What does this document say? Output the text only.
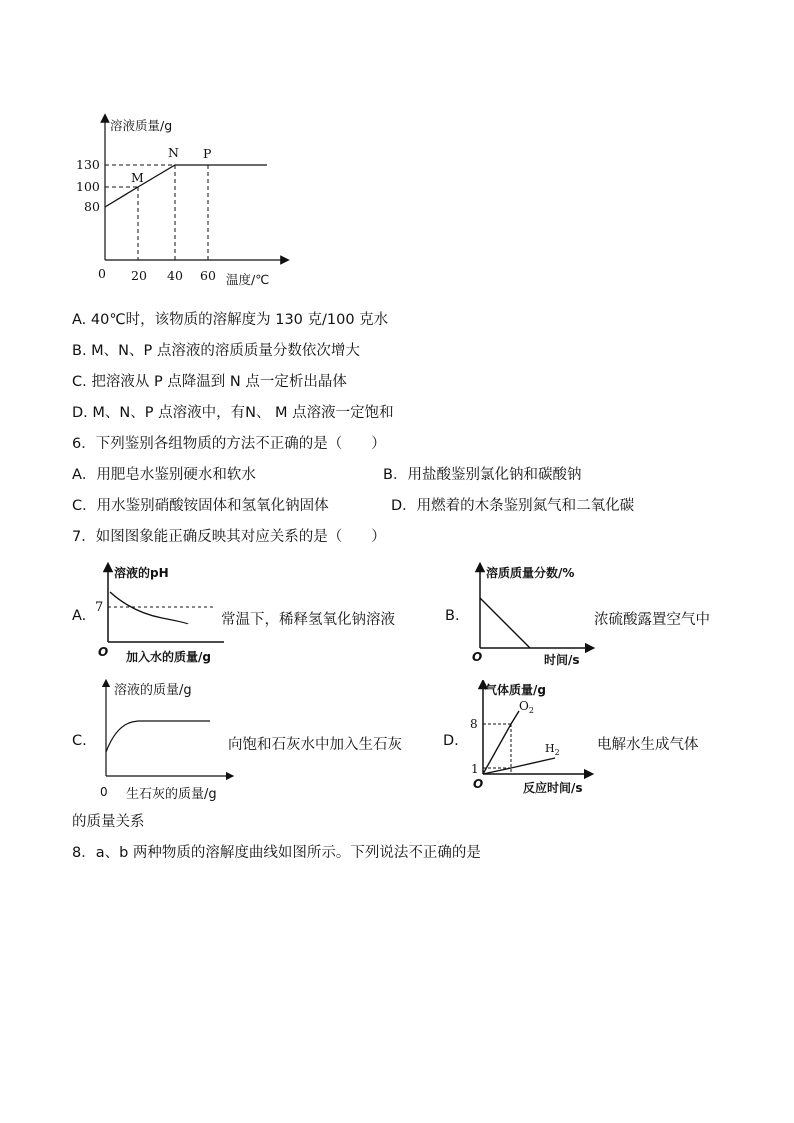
溶液质量/g
温度/℃
130
100
80
0 20 40 60
M
N P
A. 40℃时，该物质的溶解度为 130 克/100 克水
B. M、N、P 点溶液的溶质质量分数依次增大
C. 把溶液从 P 点降温到 N 点一定析出晶体
D. M、N、P 点溶液中，有N、 M 点溶液一定饱和
6．下列鉴别各组物质的方法不正确的是（　　）
A．用肥皂水鉴别硬水和软水	B．用盐酸鉴别氯化钠和碳酸钠
C．用水鉴别硝酸铵固体和氢氧化钠固体	D．用燃着的木条鉴别氮气和二氧化碳
7．如图图象能正确反映其对应关系的是（　　）
A.
溶液的pH
7
O 加入水的质量/g
常温下，稀释氢氧化钠溶液	B.
溶质质量分数/%
O	时间/s
浓硫酸露置空气中
C.
溶液的质量/g
0 生石灰的质量/g
向饱和石灰水中加入生石灰
的质量关系
D.
气体质量/g
8
1
O
$O_2$
$H_2$
反应时间/s
电解水生成气体
8．a、b 两种物质的溶解度曲线如图所示。下列说法不正确的是
